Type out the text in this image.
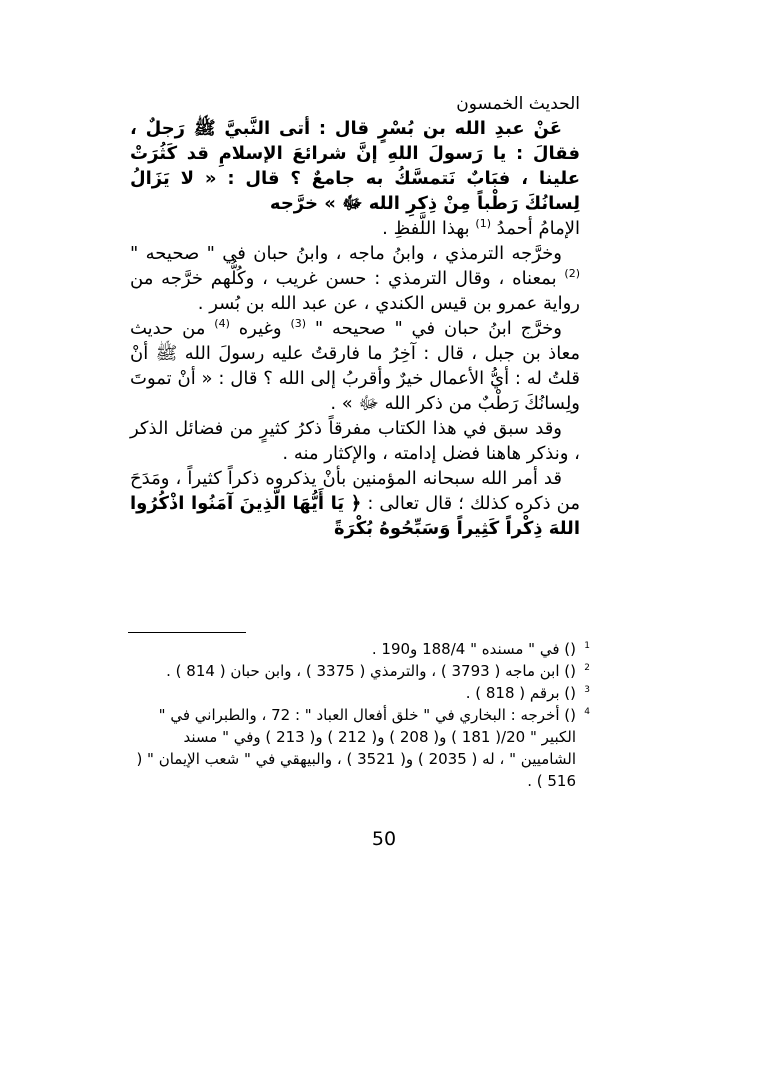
الحديث الخمسون

عَنْ عبدِ الله بن بُسْرٍ قال : أتى النَّبيَّ ﷺ رَجلٌ ، فقالَ : يا رَسولَ اللهِ إنَّ شرائعَ الإسلامِ قد كَثُرَتْ علينا ، فبَابٌ نَتمسَّكُ به جامعٌ ؟ قال : « لا يَزَالُ لِسانُكَ رَطْباً مِنْ ذِكرِ الله ﷻ » خرَّجه

الإمامُ أحمدُ $^{(1)}$ بهذا اللَّفظِ .

وخرَّجه الترمذي ، وابنُ ماجه ، وابنُ حبان في " صحيحه " $^{(2)}$ بمعناه ، وقال الترمذي : حسن غريب ، وكُلُّهم خرَّجه من رواية عمرو بن قيس الكندي ، عن عبد الله بن بُسر .

وخرَّج ابنُ حبان في " صحيحه " $^{(3)}$ وغيره $^{(4)}$ من حديث معاذ بن جبل ، قال : آخِرُ ما فارقتُ عليه رسولَ الله ﷺ أنْ قلتُ له : أيُّ الأعمال خيرٌ وأقربُ إلى الله ؟ قال : « أنْ تموتَ ولِسانُكَ رَطْبٌ من ذكر الله ﷻ » .

وقد سبق في هذا الكتاب مفرقاً ذكرُ كثيرٍ من فضائل الذكر ، ونذكر هاهنا فضل إدامته ، والإكثار منه .

قد أمر الله سبحانه المؤمنين بأنْ يذكروه ذكراً كثيراً ، ومَدَحَ من ذكره كذلك ؛ قال تعالى : ﴿ يَا أَيُّهَا الَّذِينَ آمَنُوا اذْكُرُوا اللهَ ذِكْراً كَثِيراً وَسَبِّحُوهُ بُكْرَةً

1
() في " مسنده " 188/4 و190 .

2
() ابن ماجه ( 3793 ) ، والترمذي ( 3375 ) ، وابن حبان ( 814 ) .

3
() برقم ( 818 ) .

4
() أخرجه : البخاري في " خلق أفعال العباد " : 72 ، والطبراني في " الكبير " 20/( 181 ) و( 208 ) و( 212 ) و( 213 ) وفي " مسند الشاميين " ، له ( 2035 ) و( 3521 ) ، والبيهقي في " شعب الإيمان " ( 516 ) .

50
